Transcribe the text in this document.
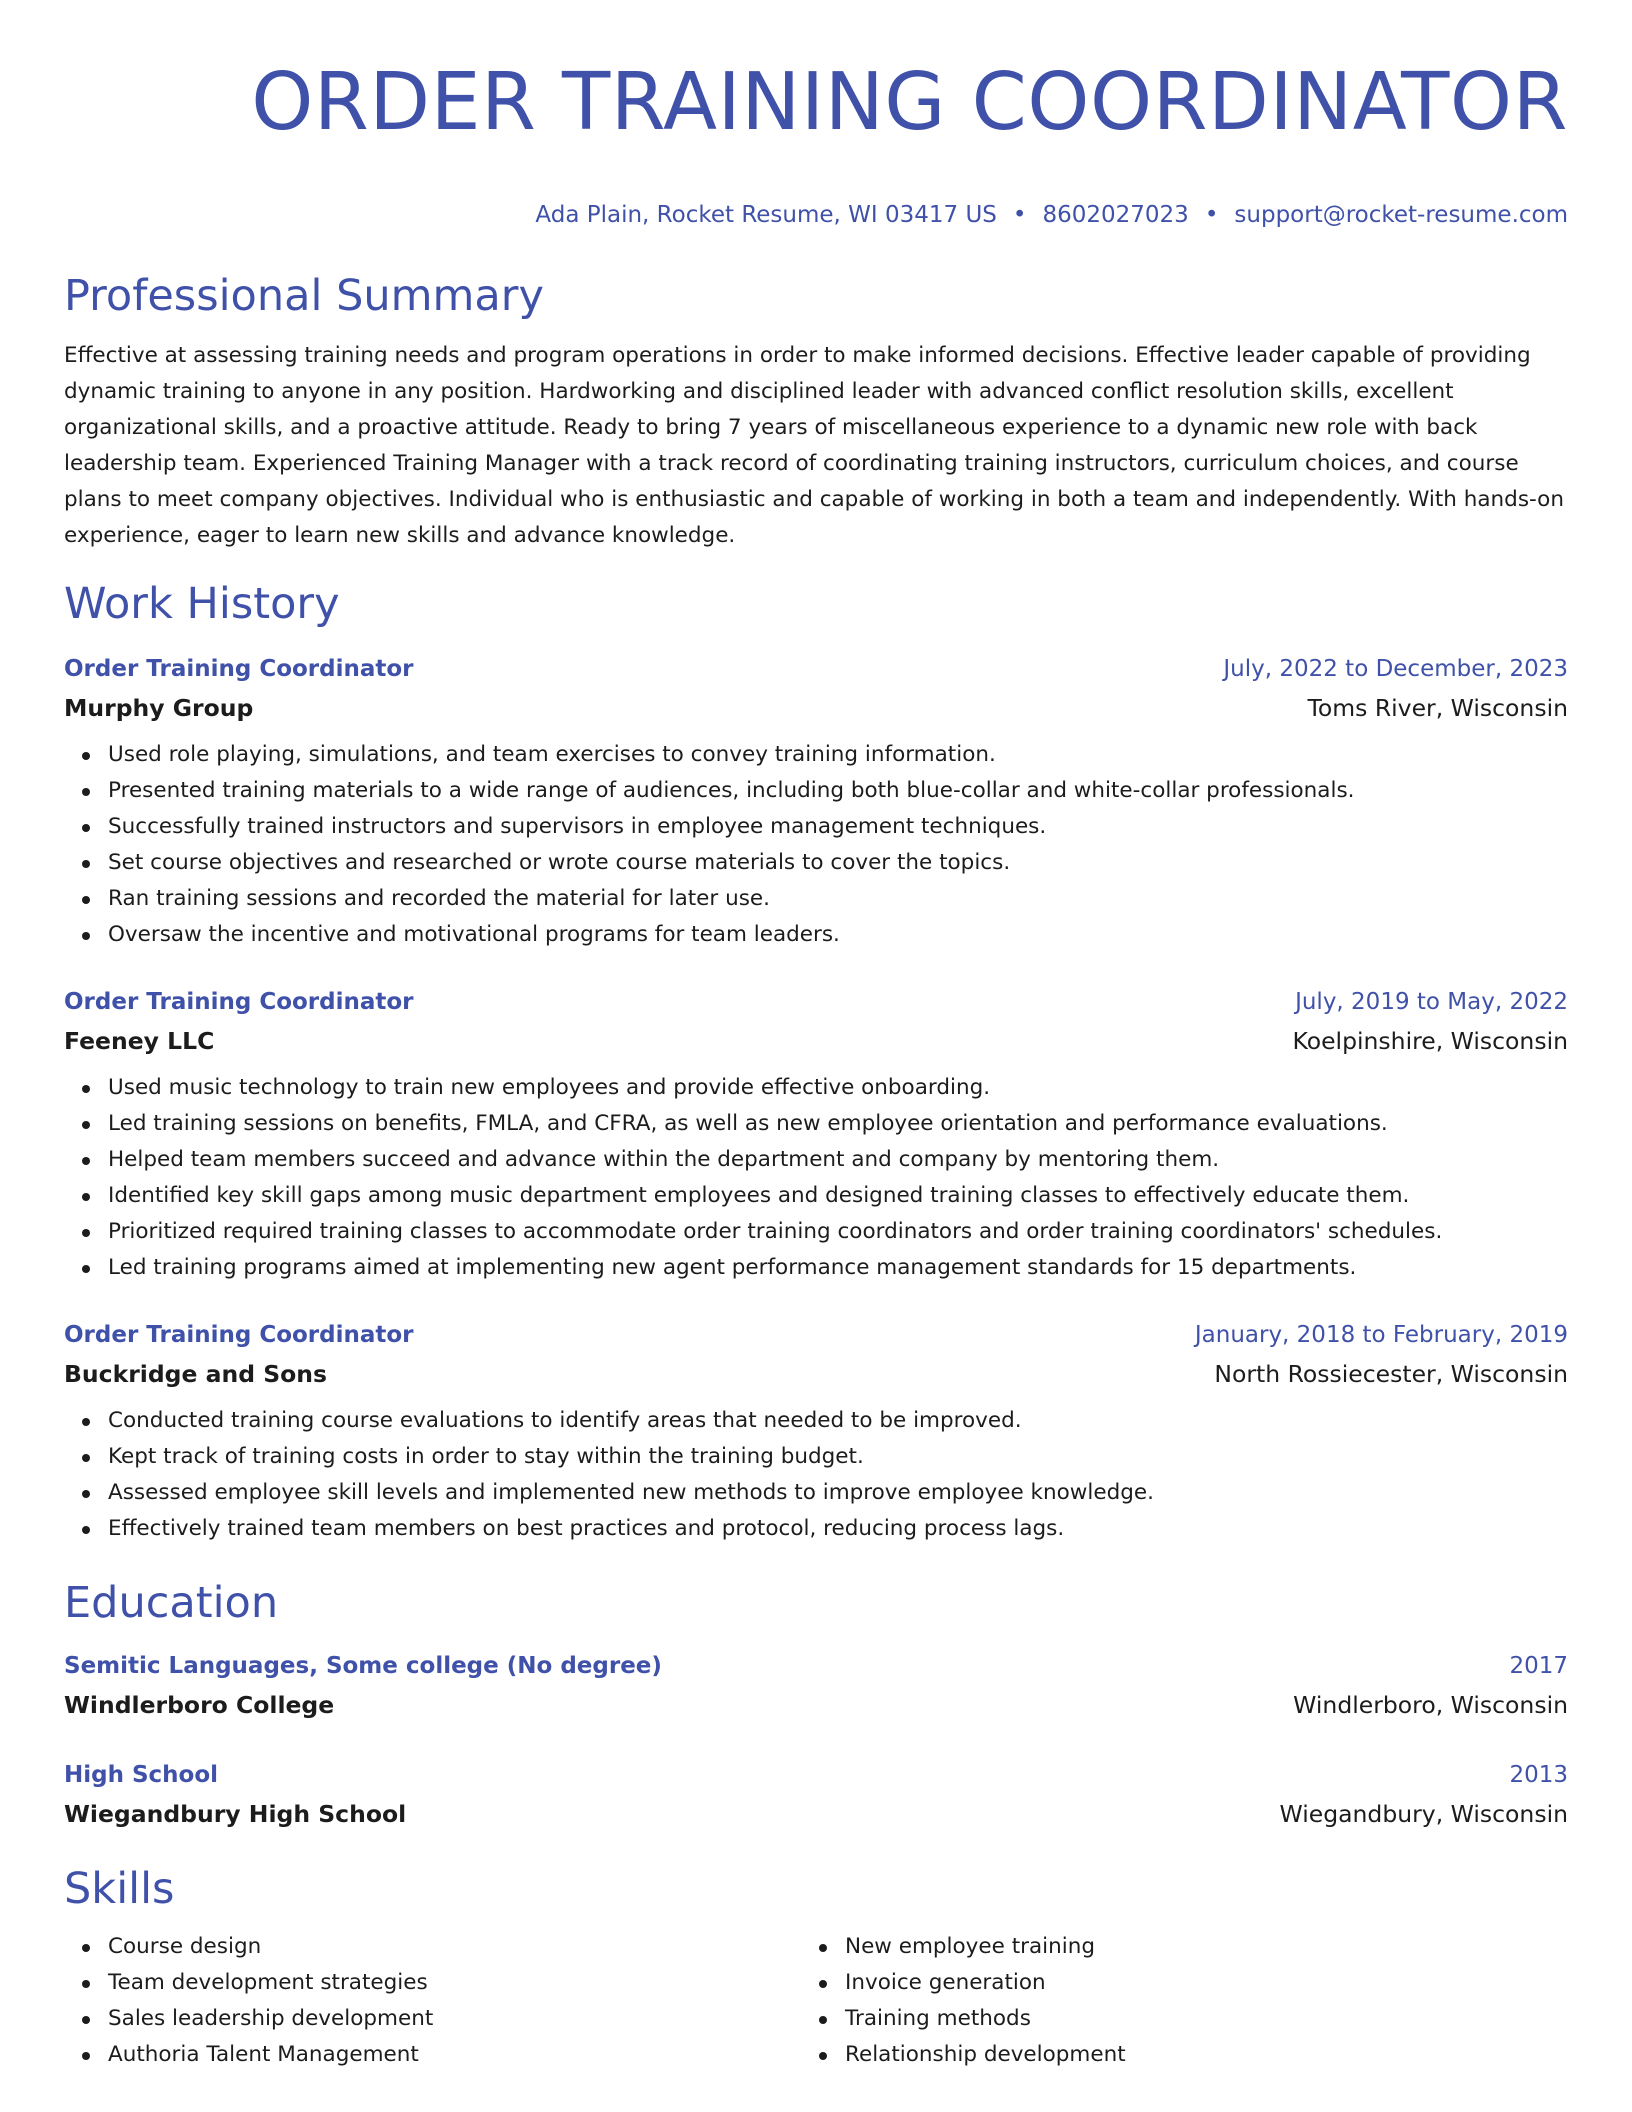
ORDER TRAINING COORDINATOR
Ada Plain, Rocket Resume, WI 03417 US • 8602027023 • support@rocket-resume.com
Professional Summary
Effective at assessing training needs and program operations in order to make informed decisions. Effective leader capable of providing dynamic training to anyone in any position. Hardworking and disciplined leader with advanced conflict resolution skills, excellent organizational skills, and a proactive attitude. Ready to bring 7 years of miscellaneous experience to a dynamic new role with back leadership team. Experienced Training Manager with a track record of coordinating training instructors, curriculum choices, and course plans to meet company objectives. Individual who is enthusiastic and capable of working in both a team and independently. With hands-on experience, eager to learn new skills and advance knowledge.
Work History
Order Training Coordinator	July, 2022 to December, 2023
Murphy Group	Toms River, Wisconsin
Used role playing, simulations, and team exercises to convey training information.
Presented training materials to a wide range of audiences, including both blue-collar and white-collar professionals.
Successfully trained instructors and supervisors in employee management techniques.
Set course objectives and researched or wrote course materials to cover the topics.
Ran training sessions and recorded the material for later use.
Oversaw the incentive and motivational programs for team leaders.
Order Training Coordinator	July, 2019 to May, 2022
Feeney LLC	Koelpinshire, Wisconsin
Used music technology to train new employees and provide effective onboarding.
Led training sessions on benefits, FMLA, and CFRA, as well as new employee orientation and performance evaluations.
Helped team members succeed and advance within the department and company by mentoring them.
Identified key skill gaps among music department employees and designed training classes to effectively educate them.
Prioritized required training classes to accommodate order training coordinators and order training coordinators' schedules.
Led training programs aimed at implementing new agent performance management standards for 15 departments.
Order Training Coordinator	January, 2018 to February, 2019
Buckridge and Sons	North Rossiecester, Wisconsin
Conducted training course evaluations to identify areas that needed to be improved.
Kept track of training costs in order to stay within the training budget.
Assessed employee skill levels and implemented new methods to improve employee knowledge.
Effectively trained team members on best practices and protocol, reducing process lags.
Education
Semitic Languages, Some college (No degree)	2017
Windlerboro College	Windlerboro, Wisconsin
High School	2013
Wiegandbury High School	Wiegandbury, Wisconsin
Skills
Course design
Team development strategies
Sales leadership development
Authoria Talent Management
New employee training
Invoice generation
Training methods
Relationship development
